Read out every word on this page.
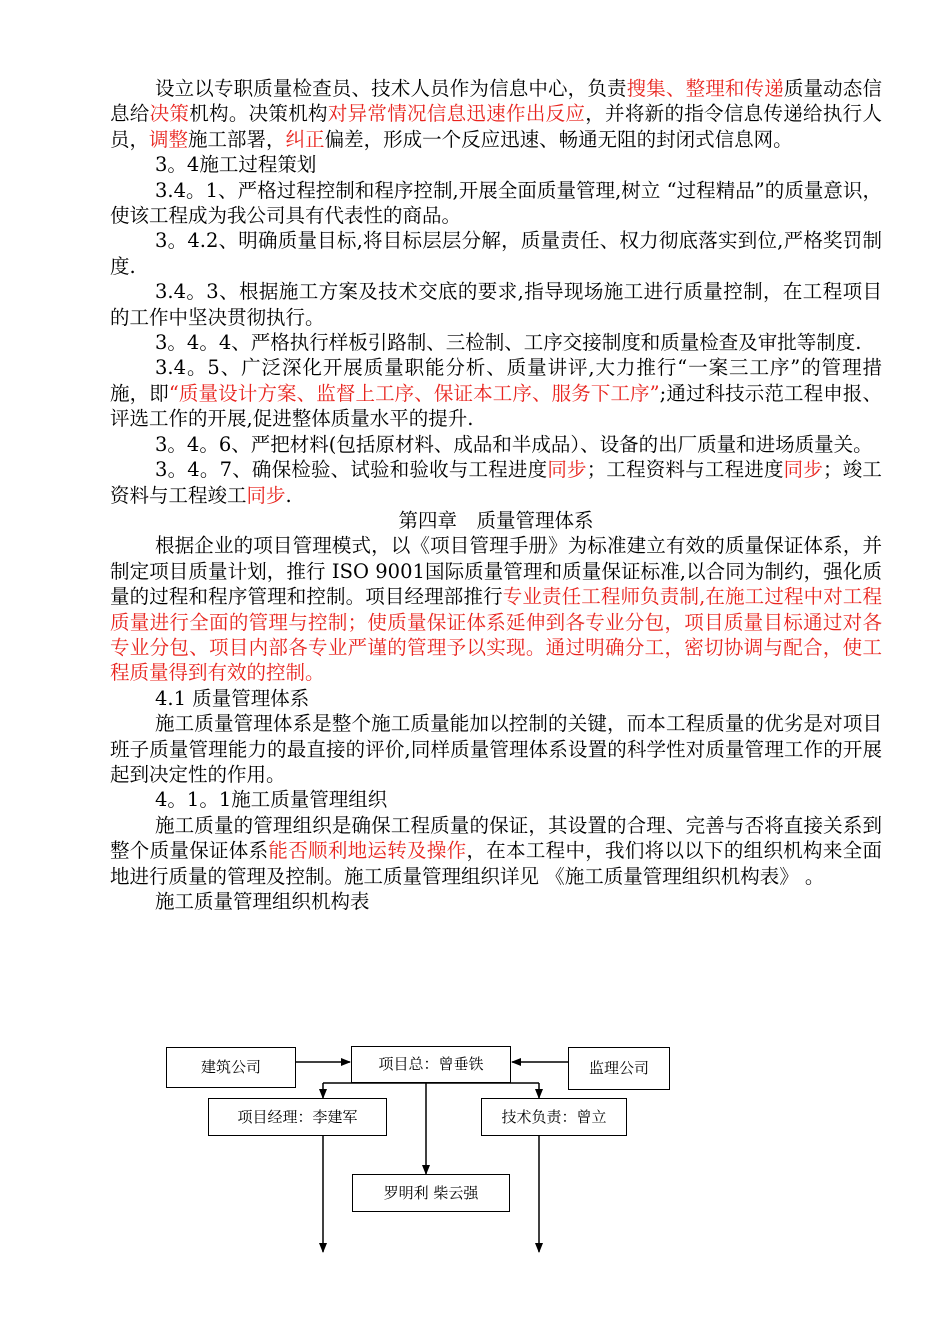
设立以专职质量检查员、技术人员作为信息中心，负责搜集、整理和传递质量动态信息给决策机构。决策机构对异常情况信息迅速作出反应，并将新的指令信息传递给执行人员，调整施工部署，纠正偏差，形成一个反应迅速、畅通无阻的封闭式信息网。

3。4施工过程策划

3.4。1、严格过程控制和程序控制,开展全面质量管理,树立 “过程精品”的质量意识，使该工程成为我公司具有代表性的商品。

3。4.2、明确质量目标,将目标层层分解，质量责任、权力彻底落实到位,严格奖罚制度.

3.4。3、根据施工方案及技术交底的要求,指导现场施工进行质量控制，在工程项目的工作中坚决贯彻执行。

3。4。4、严格执行样板引路制、三检制、工序交接制度和质量检查及审批等制度.

3.4。5、广泛深化开展质量职能分析、质量讲评,大力推行“一案三工序”的管理措施，即“质量设计方案、监督上工序、保证本工序、服务下工序”;通过科技示范工程申报、评选工作的开展,促进整体质量水平的提升.

3。4。6、严把材料(包括原材料、成品和半成品）、设备的出厂质量和进场质量关。

3。4。7、确保检验、试验和验收与工程进度同步；工程资料与工程进度同步；竣工资料与工程竣工同步.

第四章　质量管理体系

根据企业的项目管理模式，以《项目管理手册》为标准建立有效的质量保证体系，并制定项目质量计划，推行 ISO 9001国际质量管理和质量保证标准,以合同为制约，强化质量的过程和程序管理和控制。项目经理部推行专业责任工程师负责制,在施工过程中对工程质量进行全面的管理与控制；使质量保证体系延伸到各专业分包，项目质量目标通过对各专业分包、项目内部各专业严谨的管理予以实现。通过明确分工，密切协调与配合，使工程质量得到有效的控制。

4.1 质量管理体系

施工质量管理体系是整个施工质量能加以控制的关键，而本工程质量的优劣是对项目班子质量管理能力的最直接的评价,同样质量管理体系设置的科学性对质量管理工作的开展起到决定性的作用。

4。1。1施工质量管理组织

施工质量的管理组织是确保工程质量的保证，其设置的合理、完善与否将直接关系到整个质量保证体系能否顺利地运转及操作，在本工程中，我们将以以下的组织机构来全面地进行质量的管理及控制。施工质量管理组织详见 《施工质量管理组织机构表》 。

施工质量管理组织机构表

建筑公司	项目总：曾垂铁	监理公司
项目经理：李建军	技术负责：曾立
罗明利 柴云强
